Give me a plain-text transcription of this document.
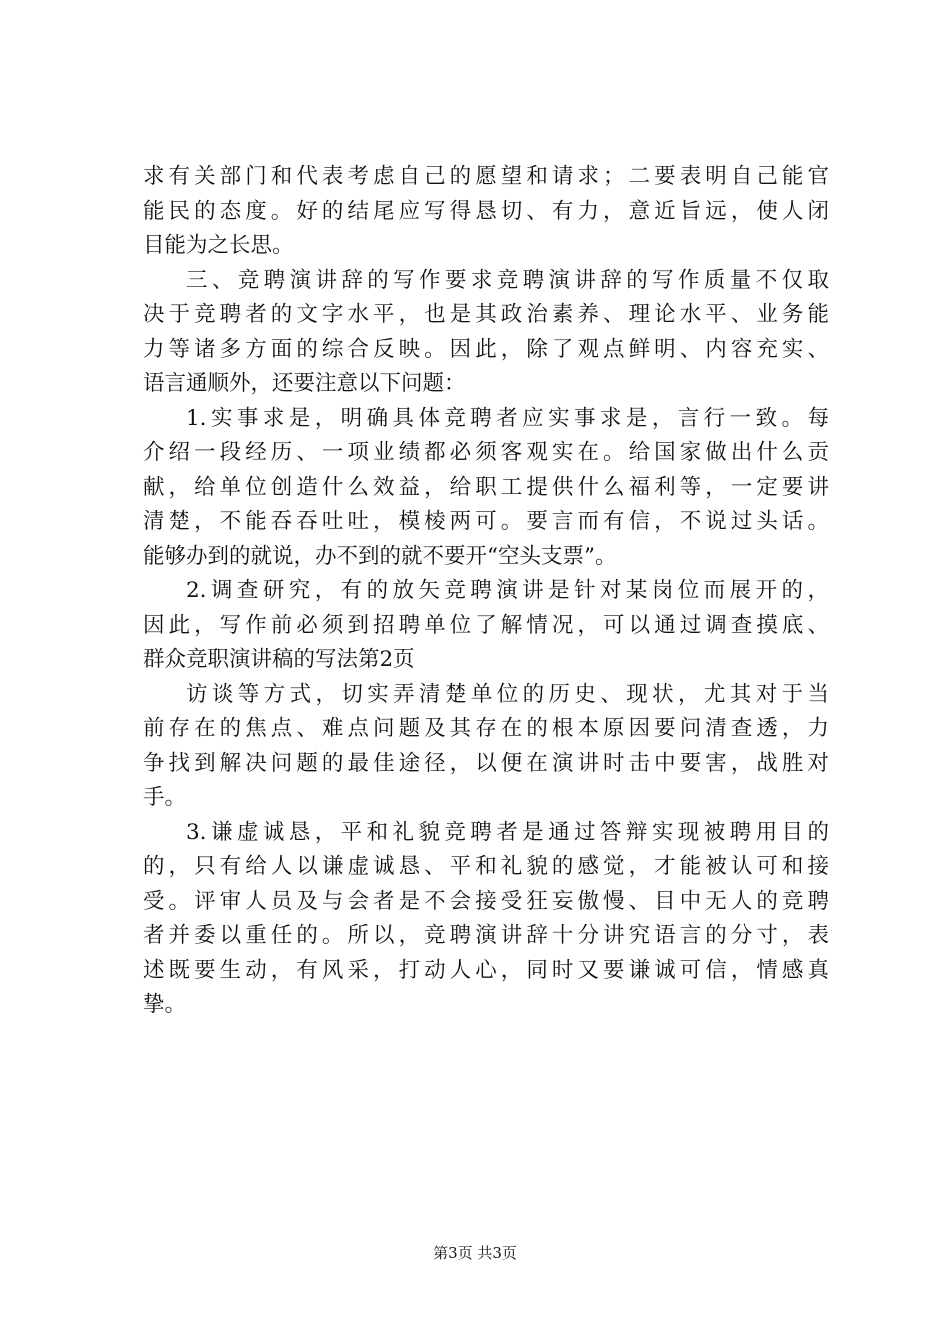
求有关部门和代表考虑自己的愿望和请求；二要表明自己能官
能民的态度。好的结尾应写得恳切、有力，意近旨远，使人闭
目能为之长思。
三、竞聘演讲辞的写作要求竞聘演讲辞的写作质量不仅取
决于竞聘者的文字水平，也是其政治素养、理论水平、业务能
力等诸多方面的综合反映。因此，除了观点鲜明、内容充实、
语言通顺外，还要注意以下问题：
1.实事求是，明确具体竞聘者应实事求是，言行一致。每
介绍一段经历、一项业绩都必须客观实在。给国家做出什么贡
献，给单位创造什么效益，给职工提供什么福利等，一定要讲
清楚，不能吞吞吐吐，模棱两可。要言而有信，不说过头话。
能够办到的就说，办不到的就不要开“空头支票”。
2.调查研究，有的放矢竞聘演讲是针对某岗位而展开的，
因此，写作前必须到招聘单位了解情况，可以通过调查摸底、
群众竞职演讲稿的写法第2页
访谈等方式，切实弄清楚单位的历史、现状，尤其对于当
前存在的焦点、难点问题及其存在的根本原因要问清查透，力
争找到解决问题的最佳途径，以便在演讲时击中要害，战胜对
手。
3.谦虚诚恳，平和礼貌竞聘者是通过答辩实现被聘用目的
的，只有给人以谦虚诚恳、平和礼貌的感觉，才能被认可和接
受。评审人员及与会者是不会接受狂妄傲慢、目中无人的竞聘
者并委以重任的。所以，竞聘演讲辞十分讲究语言的分寸，表
述既要生动，有风采，打动人心，同时又要谦诚可信，情感真
挚。
第3页 共3页
